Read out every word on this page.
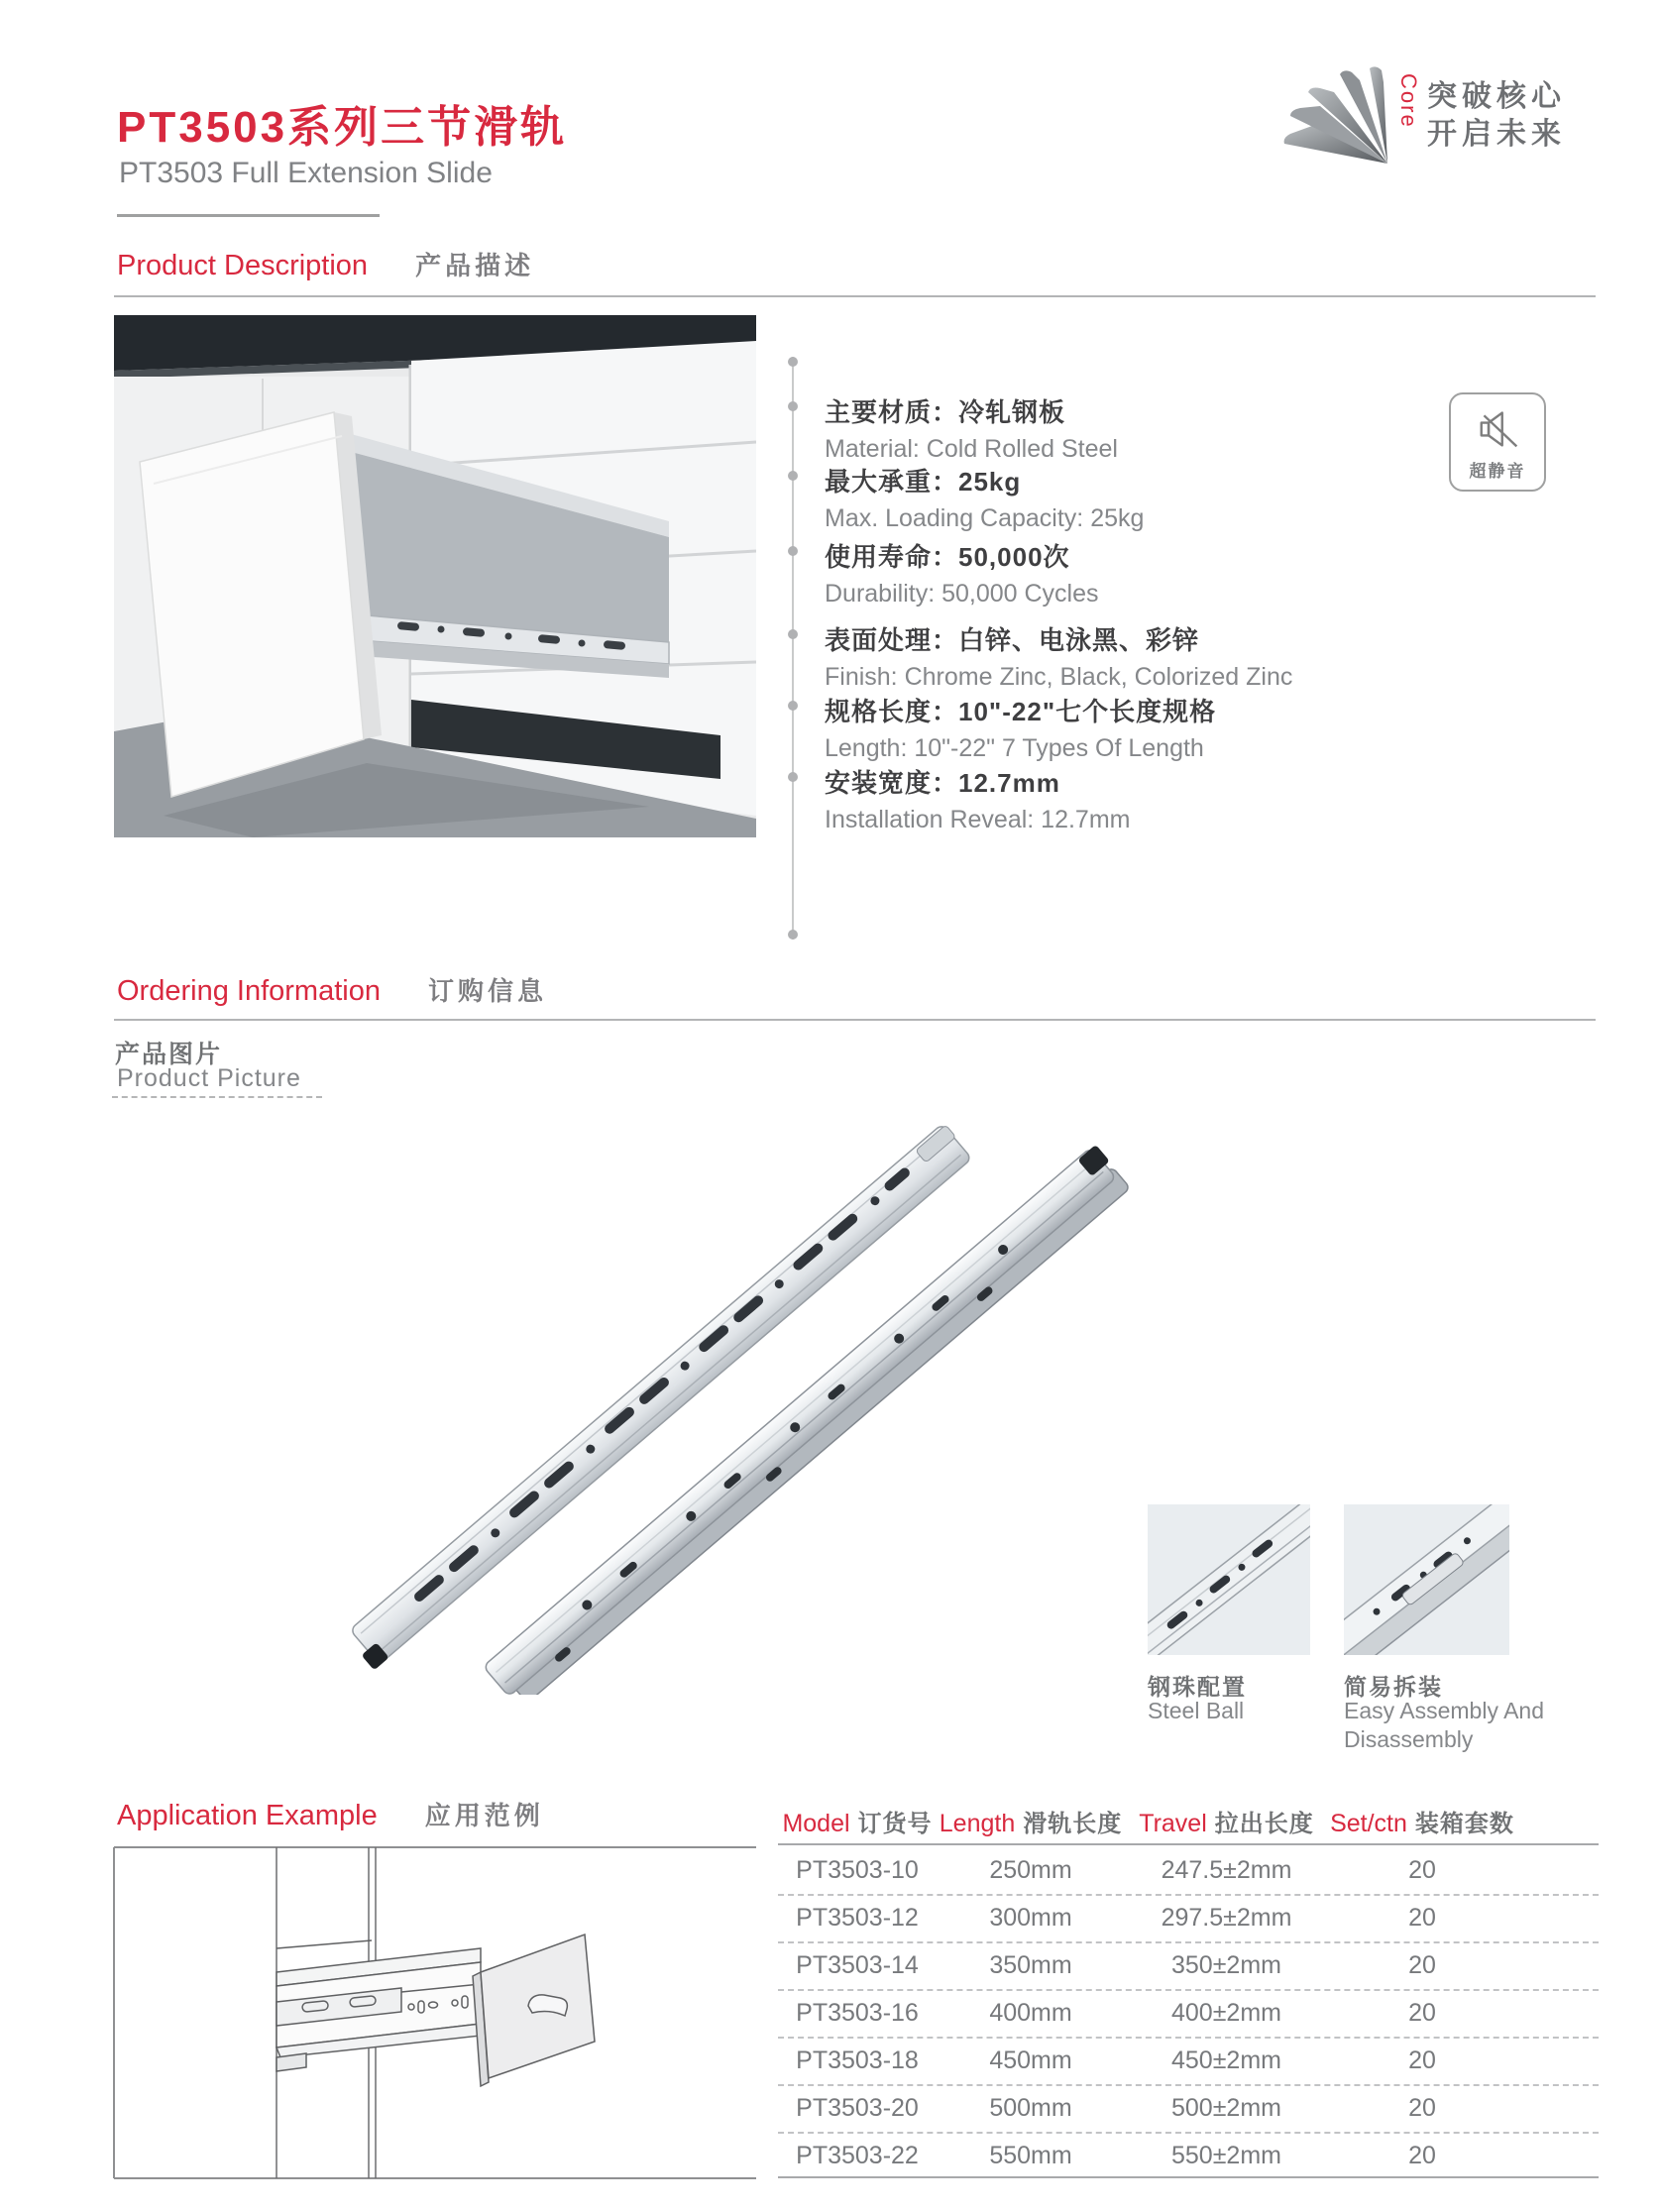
PT3503系列三节滑轨
PT3503 Full Extension Slide
Core 突破核心
开启未来
Product Description 产品描述
主要材质：冷轧钢板
Material: Cold Rolled Steel
最大承重：25kg
Max. Loading Capacity: 25kg
使用寿命：50,000次
Durability: 50,000 Cycles
表面处理：白锌、电泳黑、彩锌
Finish: Chrome Zinc, Black, Colorized Zinc
规格长度：10"-22"七个长度规格
Length: 10"-22" 7 Types Of Length
安装宽度：12.7mm
Installation Reveal: 12.7mm
超静音
Ordering Information 订购信息
产品图片
Product Picture
钢珠配置
Steel Ball
简易拆装
Easy Assembly And Disassembly
Application Example 应用范例	Model 订货号 Length 滑轨长度 Travel 拉出长度 Set/ctn 装箱套数
PT3503-10	250mm	247.5±2mm	20
PT3503-12	300mm	297.5±2mm	20
PT3503-14	350mm	350±2mm	20
PT3503-16	400mm	400±2mm	20
PT3503-18	450mm	450±2mm	20
PT3503-20	500mm	500±2mm	20
PT3503-22	550mm	550±2mm	20
